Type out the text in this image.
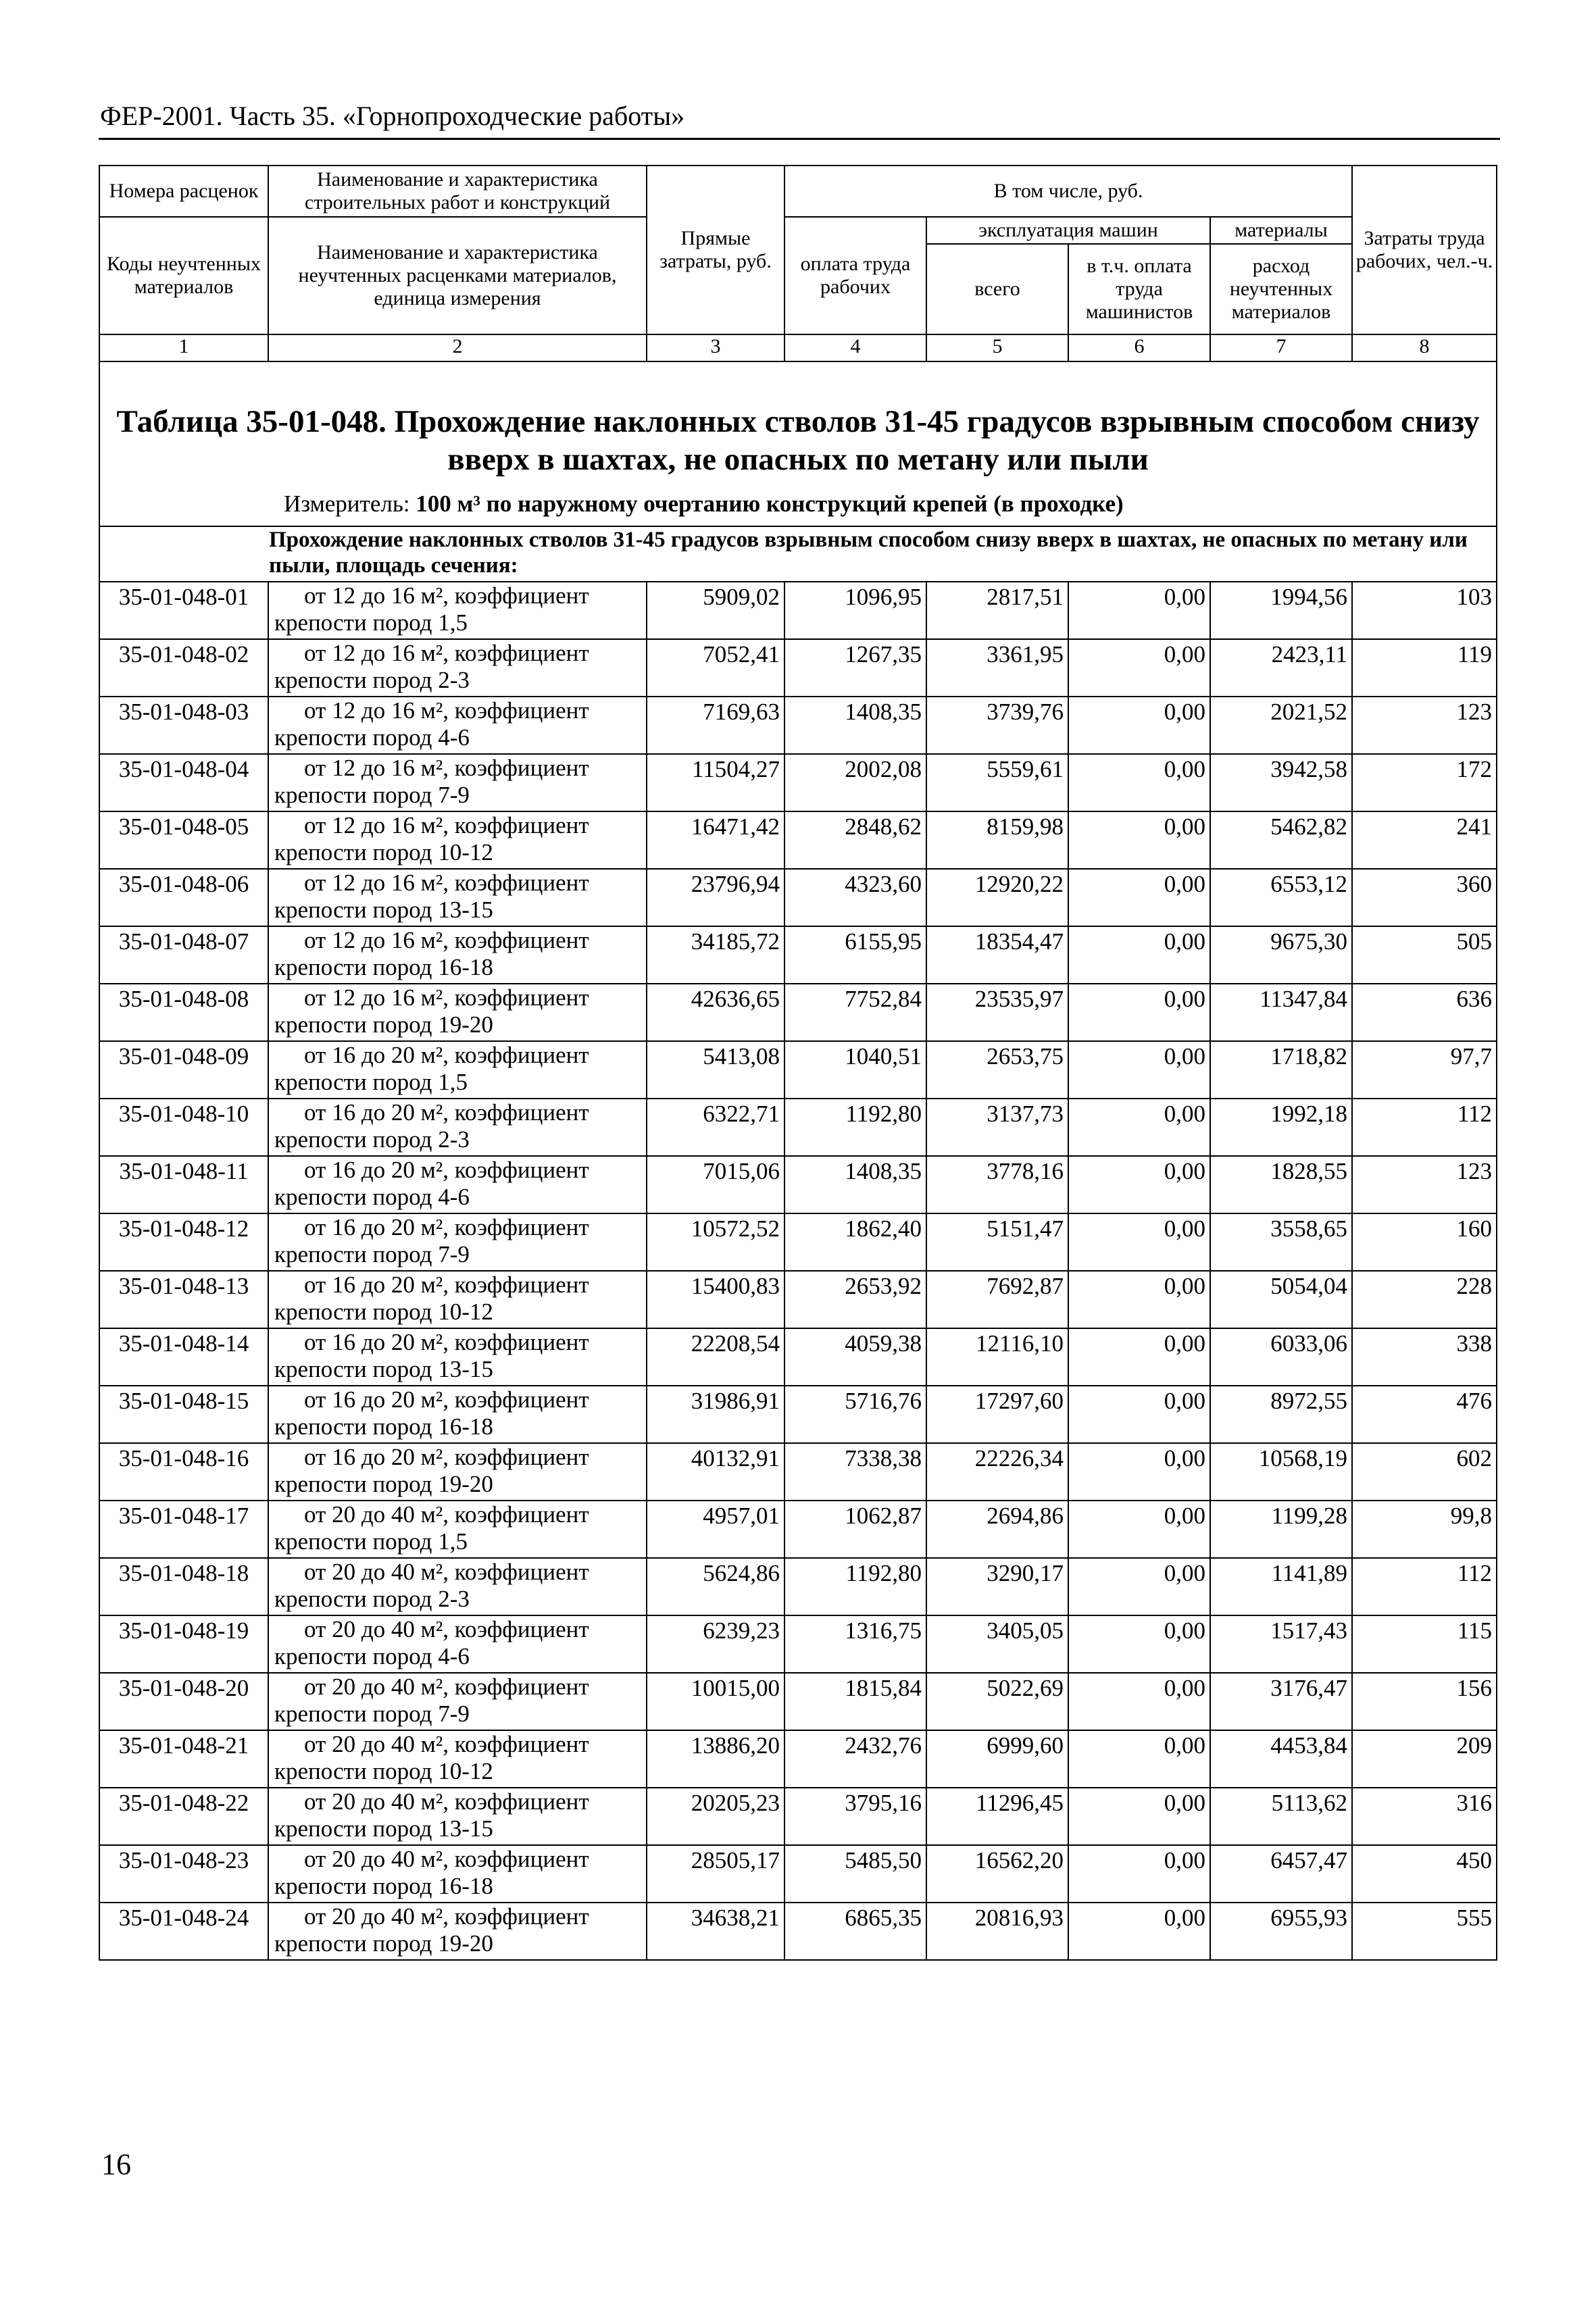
ФЕР-2001. Часть 35. «Горнопроходческие работы»
Номера расценок	Наименование и характеристика строительных работ и конструкций	Прямые затраты, руб.	В том числе, руб.				Затраты труда рабочих, чел.-ч.
Коды неучтенных материалов	Наименование и характеристика неучтенных расценками материалов, единица измерения		оплата труда рабочих	эксплуатация машин		материалы	
				всего	в т.ч. оплата труда машинистов	расход неучтенных материалов	
1	2	3	4	5	6	7	8

Таблица 35-01-048. Прохождение наклонных стволов 31-45 градусов взрывным способом снизу вверх в шахтах, не опасных по метану или пыли
Измеритель: 100 м³ по наружному очертанию конструкций крепей (в проходке)							

Прохождение наклонных стволов 31-45 градусов взрывным способом снизу вверх в шахтах, не опасных по метану или пыли, площадь сечения:							
35-01-048-01	от 12 до 16 м², коэффициент
крепости пород 1,5	5909,02	1096,95	2817,51	0,00	1994,56	103
35-01-048-02	от 12 до 16 м², коэффициент
крепости пород 2-3	7052,41	1267,35	3361,95	0,00	2423,11	119
35-01-048-03	от 12 до 16 м², коэффициент
крепости пород 4-6	7169,63	1408,35	3739,76	0,00	2021,52	123
35-01-048-04	от 12 до 16 м², коэффициент
крепости пород 7-9	11504,27	2002,08	5559,61	0,00	3942,58	172
35-01-048-05	от 12 до 16 м², коэффициент
крепости пород 10-12	16471,42	2848,62	8159,98	0,00	5462,82	241
35-01-048-06	от 12 до 16 м², коэффициент
крепости пород 13-15	23796,94	4323,60	12920,22	0,00	6553,12	360
35-01-048-07	от 12 до 16 м², коэффициент
крепости пород 16-18	34185,72	6155,95	18354,47	0,00	9675,30	505
35-01-048-08	от 12 до 16 м², коэффициент
крепости пород 19-20	42636,65	7752,84	23535,97	0,00	11347,84	636
35-01-048-09	от 16 до 20 м², коэффициент
крепости пород 1,5	5413,08	1040,51	2653,75	0,00	1718,82	97,7
35-01-048-10	от 16 до 20 м², коэффициент
крепости пород 2-3	6322,71	1192,80	3137,73	0,00	1992,18	112
35-01-048-11	от 16 до 20 м², коэффициент
крепости пород 4-6	7015,06	1408,35	3778,16	0,00	1828,55	123
35-01-048-12	от 16 до 20 м², коэффициент
крепости пород 7-9	10572,52	1862,40	5151,47	0,00	3558,65	160
35-01-048-13	от 16 до 20 м², коэффициент
крепости пород 10-12	15400,83	2653,92	7692,87	0,00	5054,04	228
35-01-048-14	от 16 до 20 м², коэффициент
крепости пород 13-15	22208,54	4059,38	12116,10	0,00	6033,06	338
35-01-048-15	от 16 до 20 м², коэффициент
крепости пород 16-18	31986,91	5716,76	17297,60	0,00	8972,55	476
35-01-048-16	от 16 до 20 м², коэффициент
крепости пород 19-20	40132,91	7338,38	22226,34	0,00	10568,19	602
35-01-048-17	от 20 до 40 м², коэффициент
крепости пород 1,5	4957,01	1062,87	2694,86	0,00	1199,28	99,8
35-01-048-18	от 20 до 40 м², коэффициент
крепости пород 2-3	5624,86	1192,80	3290,17	0,00	1141,89	112
35-01-048-19	от 20 до 40 м², коэффициент
крепости пород 4-6	6239,23	1316,75	3405,05	0,00	1517,43	115
35-01-048-20	от 20 до 40 м², коэффициент
крепости пород 7-9	10015,00	1815,84	5022,69	0,00	3176,47	156
35-01-048-21	от 20 до 40 м², коэффициент
крепости пород 10-12	13886,20	2432,76	6999,60	0,00	4453,84	209
35-01-048-22	от 20 до 40 м², коэффициент
крепости пород 13-15	20205,23	3795,16	11296,45	0,00	5113,62	316
35-01-048-23	от 20 до 40 м², коэффициент
крепости пород 16-18	28505,17	5485,50	16562,20	0,00	6457,47	450
35-01-048-24	от 20 до 40 м², коэффициент
крепости пород 19-20	34638,21	6865,35	20816,93	0,00	6955,93	555
16
